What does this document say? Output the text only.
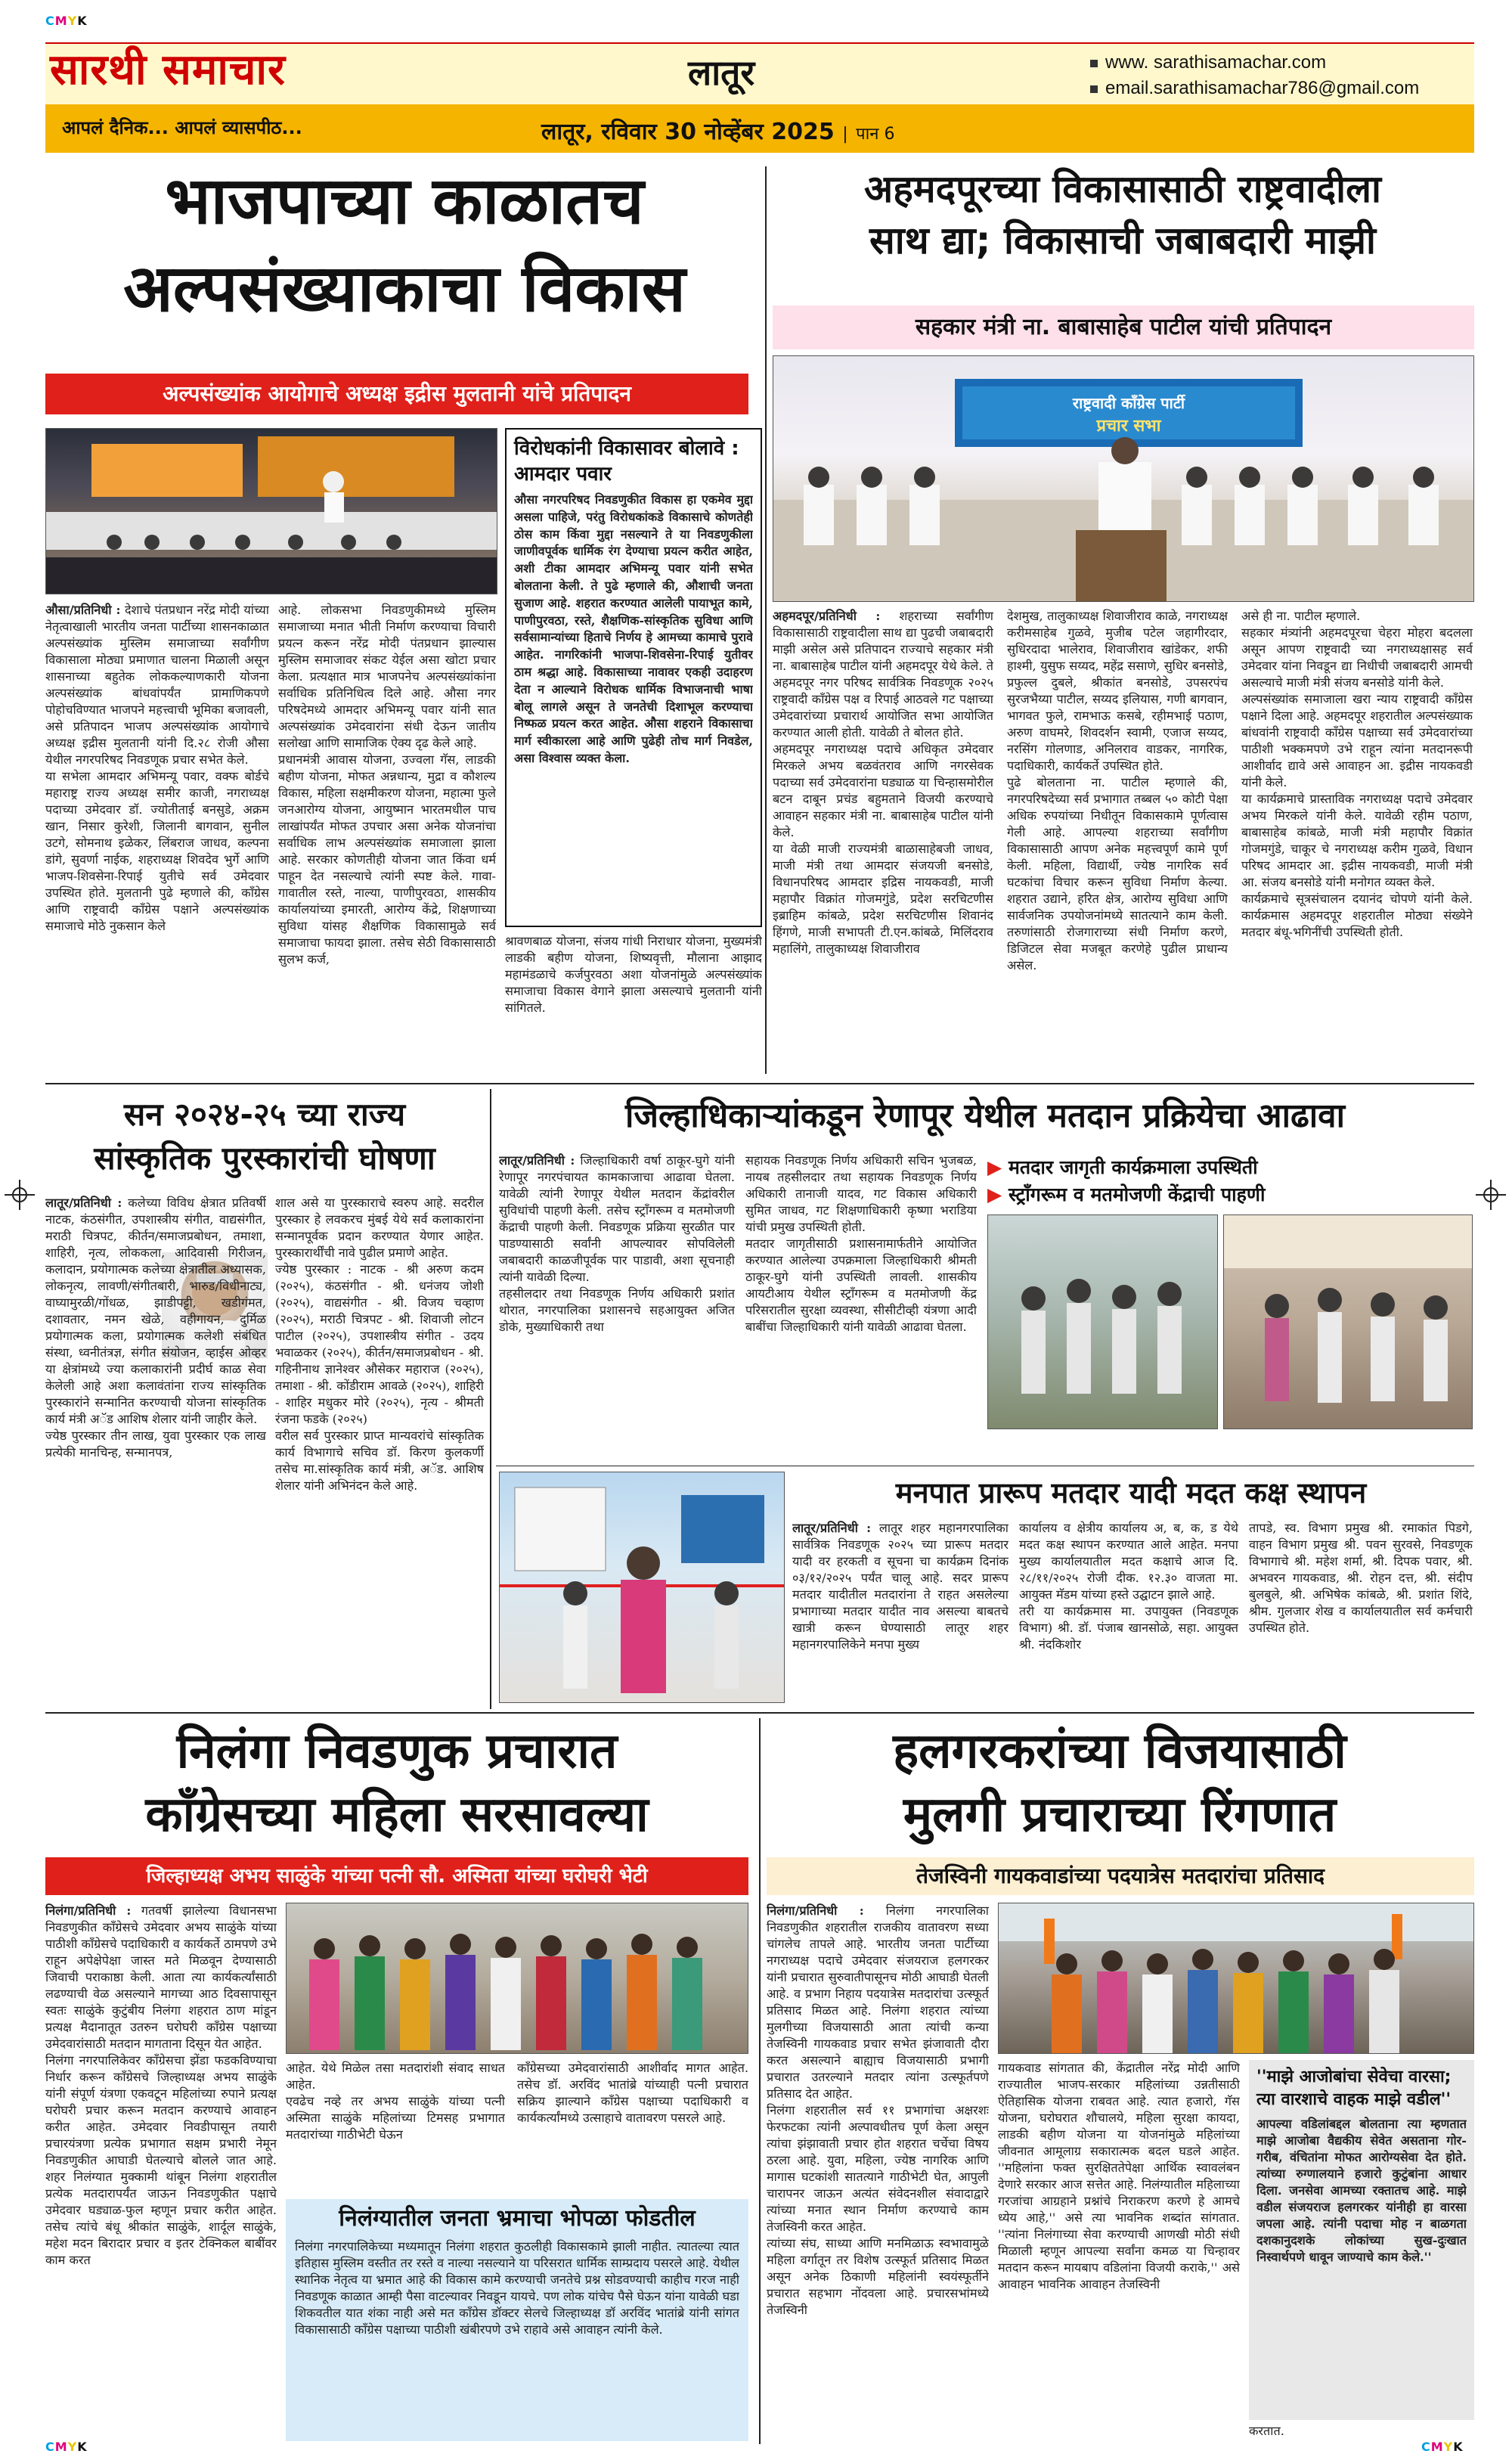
CMYK
सारथी समाचार	लातूर	www. sarathisamachar.com
email.sarathisamachar786@gmail.com
आपलं दैनिक... आपलं व्यासपीठ...	लातूर, रविवार 30 नोव्हेंबर 2025 | पान 6
भाजपाच्या काळातच
अल्पसंख्याकाचा विकास
अल्पसंख्यांक आयोगाचे अध्यक्ष इद्रीस मुलतानी यांचे प्रतिपादन
विरोधकांनी विकासावर बोलावे : आमदार पवार
औसा नगरपरिषद निवडणुकीत विकास हा एकमेव मुद्दा असला पाहिजे, परंतु विरोधकांकडे विकासाचे कोणतेही ठोस काम किंवा मुद्दा नसल्याने ते या निवडणुकीला जाणीवपूर्वक धार्मिक रंग देण्याचा प्रयत्न करीत आहेत, अशी टीका आमदार अभिमन्यू पवार यांनी सभेत बोलताना केली. ते पुढे म्हणाले की, औशाची जनता सुजाण आहे. शहरात करण्यात आलेली पायाभूत कामे, पाणीपुरवठा, रस्ते, शैक्षणिक-सांस्कृतिक सुविधा आणि सर्वसामान्यांच्या हिताचे निर्णय हे आमच्या कामाचे पुरावे आहेत. नागरिकांनी भाजपा-शिवसेना-रिपाई युतीवर ठाम श्रद्धा आहे. विकासाच्या नावावर एकही उदाहरण देता न आल्याने विरोधक धार्मिक विभाजनाची भाषा बोलू लागले असून ते जनतेची दिशाभूल करण्याचा निष्फळ प्रयत्न करत आहेत. औसा शहराने विकासाचा मार्ग स्वीकारला आहे आणि पुढेही तोच मार्ग निवडेल, असा विश्वास व्यक्त केला.
औसा/प्रतिनिधी : देशाचे पंतप्रधान नरेंद्र मोदी यांच्या नेतृत्वाखाली भारतीय जनता पार्टीच्या शासनकाळात अल्पसंख्यांक मुस्लिम समाजाच्या सर्वांगीण विकासाला मोठ्या प्रमाणात चालना मिळाली असून शासनाच्या बहुतेक लोककल्याणकारी योजना अल्पसंख्यांक बांधवांपर्यंत प्रामाणिकपणे पोहोचविण्यात भाजपने महत्त्वाची भूमिका बजावली, असे प्रतिपादन भाजप अल्पसंख्यांक आयोगाचे अध्यक्ष इद्रीस मुलतानी यांनी दि.२८ रोजी औसा येथील नगरपरिषद निवडणूक प्रचार सभेत केले.
या सभेला आमदार अभिमन्यू पवार, वक्फ बोर्डचे महाराष्ट्र राज्य अध्यक्ष समीर काजी, नगराध्यक्ष पदाच्या उमेदवार डॉ. ज्योतीताई बनसुडे, अक्रम खान, निसार कुरेशी, जिलानी बागवान, सुनील उटगे, सोमनाथ इळेकर, लिंबराज जाधव, कल्पना डांगे, सुवर्णा नाईक, शहराध्यक्ष शिवदेव भुर्गे आणि भाजप-शिवसेना-रिपाई युतीचे सर्व उमेदवार उपस्थित होते. मुलतानी पुढे म्हणाले की, काँग्रेस आणि राष्ट्रवादी काँग्रेस पक्षाने अल्पसंख्यांक समाजाचे मोठे नुकसान केले
आहे. लोकसभा निवडणुकीमध्ये मुस्लिम समाजाच्या मनात भीती निर्माण करण्याचा विचारी प्रयत्न करून नरेंद्र मोदी पंतप्रधान झाल्यास मुस्लिम समाजावर संकट येईल असा खोटा प्रचार केला. प्रत्यक्षात मात्र भाजपनेच अल्पसंख्यांकांना सर्वाधिक प्रतिनिधित्व दिले आहे. औसा नगर परिषदेमध्ये आमदार अभिमन्यू पवार यांनी सात अल्पसंख्यांक उमेदवारांना संधी देऊन जातीय सलोखा आणि सामाजिक ऐक्य दृढ केले आहे.
प्रधानमंत्री आवास योजना, उज्वला गॅस, लाडकी बहीण योजना, मोफत अन्नधान्य, मुद्रा व कौशल्य विकास, महिला सक्षमीकरण योजना, महात्मा फुले जनआरोग्य योजना, आयुष्मान भारतमधील पाच लाखांपर्यंत मोफत उपचार असा अनेक योजनांचा सर्वाधिक लाभ अल्पसंख्यांक समाजाला झाला आहे. सरकार कोणतीही योजना जात किंवा धर्म पाहून देत नसल्याचे त्यांनी स्पष्ट केले. गावा-गावातील रस्ते, नाल्या, पाणीपुरवठा, शासकीय कार्यालयांच्या इमारती, आरोग्य केंद्रे, शिक्षणाच्या सुविधा यांसह शैक्षणिक विकासामुळे सर्व समाजाचा फायदा झाला. तसेच सेठी विकासासाठी सुलभ कर्ज,
श्रावणबाळ योजना, संजय गांधी निराधार योजना, मुख्यमंत्री लाडकी बहीण योजना, शिष्यवृत्ती, मौलाना आझाद महामंडळाचे कर्जपुरवठा अशा योजनांमुळे अल्पसंख्यांक समाजाचा विकास वेगाने झाला असल्याचे मुलतानी यांनी सांगितले.
अहमदपूरच्या विकासासाठी राष्ट्रवादीला
साथ द्या; विकासाची जबाबदारी माझी
सहकार मंत्री ना. बाबासाहेब पाटील यांची प्रतिपादन
राष्ट्रवादी काँग्रेस पार्टी
प्रचार सभा
अहमदपूर/प्रतिनिधी : शहराच्या सर्वांगीण विकासासाठी राष्ट्रवादीला साथ द्या पुढची जबाबदारी माझी असेल असे प्रतिपादन राज्याचे सहकार मंत्री ना. बाबासाहेब पाटील यांनी अहमदपूर येथे केले. ते अहमदपूर नगर परिषद सार्वत्रिक निवडणूक २०२५ राष्ट्रवादी काँग्रेस पक्ष व रिपाई आठवले गट पक्षाच्या उमेदवारांच्या प्रचारार्थ आयोजित सभा आयोजित करण्यात आली होती. यावेळी ते बोलत होते.
अहमदपूर नगराध्यक्ष पदाचे अधिकृत उमेदवार मिरकले अभय बळवंतराव आणि नगरसेवक पदाच्या सर्व उमेदवारांना घड्याळ या चिन्हासमोरील बटन दाबून प्रचंड बहुमताने विजयी करण्याचे आवाहन सहकार मंत्री ना. बाबासाहेब पाटील यांनी केले.
या वेळी माजी राज्यमंत्री बाळासाहेबजी जाधव, माजी मंत्री तथा आमदार संजयजी बनसोडे, विधानपरिषद आमदार इद्रिस नायकवडी, माजी महापौर विक्रांत गोजमगुंडे, प्रदेश सरचिटणीस इब्राहिम कांबळे, प्रदेश सरचिटणीस शिवानंद हिंगणे, माजी सभापती टी.एन.कांबळे, मिलिंदराव महालिंगे, तालुकाध्यक्ष शिवाजीराव
देशमुख, तालुकाध्यक्ष शिवाजीराव काळे, नगराध्यक्ष करीमसाहेब गुळवे, मुजीब पटेल जहागीरदार, सुधिरदादा भालेराव, शिवाजीराव खांडेकर, शफी हाश्मी, युसुफ सय्यद, महेंद्र ससाणे, सुधिर बनसोडे, प्रफुल्ल दुबले, श्रीकांत बनसोडे, उपसरपंच सुरजभैय्या पाटील, सय्यद इलियास, गणी बागवान, भागवत फुले, रामभाऊ कसबे, रहीमभाई पठाण, अरुण वाघमरे, शिवदर्शन स्वामी, एजाज सय्यद, नरसिंग गोलणाड, अनिलराव वाडकर, नागरिक, पदाधिकारी, कार्यकर्ते उपस्थित होते.
पुढे बोलताना ना. पाटील म्हणाले की, नगरपरिषदेच्या सर्व प्रभागात तब्बल ५० कोटी पेक्षा अधिक रुपयांच्या निधीतून विकासकामे पूर्णत्वास गेली आहे. आपल्या शहराच्या सर्वांगीण विकासासाठी आपण अनेक महत्त्वपूर्ण कामे पूर्ण केली. महिला, विद्यार्थी, ज्येष्ठ नागरिक सर्व घटकांचा विचार करून सुविधा निर्माण केल्या. शहरात उद्याने, हरित क्षेत्र, आरोग्य सुविधा आणि सार्वजनिक उपयोजनांमध्ये सातत्याने काम केली. तरुणांसाठी रोजगाराच्या संधी निर्माण करणे, डिजिटल सेवा मजबूत करणेहे पुढील प्राधान्य असेल.
असे ही ना. पाटील म्हणाले.
सहकार मंत्र्यांनी अहमदपूरचा चेहरा मोहरा बदलला असून आपण राष्ट्रवादी च्या नगराध्यक्षासह सर्व उमेदवार यांना निवडून द्या निधीची जबाबदारी आमची असल्याचे माजी मंत्री संजय बनसोडे यांनी केले.
अल्पसंख्यांक समाजाला खरा न्याय राष्ट्रवादी काँग्रेस पक्षाने दिला आहे. अहमदपूर शहरातील अल्पसंख्याक बांधवांनी राष्ट्रवादी काँग्रेस पक्षाच्या सर्व उमेदवारांच्या पाठीशी भक्कमपणे उभे राहून त्यांना मतदानरूपी आशीर्वाद द्यावे असे आवाहन आ. इद्रीस नायकवडी यांनी केले.
या कार्यक्रमाचे प्रास्ताविक नगराध्यक्ष पदाचे उमेदवार अभय मिरकले यांनी केले. यावेळी रहीम पठाण, बाबासाहेब कांबळे, माजी मंत्री महापौर विक्रांत गोजमगुंडे, चाकूर चे नगराध्यक्ष करीम गुळवे, विधान परिषद आमदार आ. इद्रीस नायकवडी, माजी मंत्री आ. संजय बनसोडे यांनी मनोगत व्यक्त केले.
कार्यक्रमाचे सूत्रसंचालन दयानंद चोपणे यांनी केले. कार्यक्रमास अहमदपूर शहरातील मोठ्या संख्येने मतदार बंधू-भगिनींची उपस्थिती होती.
सन २०२४-२५ च्या राज्य
सांस्कृतिक पुरस्कारांची घोषणा
लातूर/प्रतिनिधी : कलेच्या विविध क्षेत्रात प्रतिवर्षी नाटक, कंठसंगीत, उपशास्त्रीय संगीत, वाद्यसंगीत, मराठी चित्रपट, कीर्तन/समाजप्रबोधन, तमाशा, शाहिरी, नृत्य, लोककला, आदिवासी गिरीजन, कलादान, प्रयोगात्मक कलेच्या क्षेत्रातील अध्यासक, लोकनृत्य, लावणी/संगीतबारी, भारुड/विधीनाट्य, वाघ्यामुरळी/गोंधळ, झाडीपट्टी, खडीगंमत, दशावतार, नमन खेळे, वहीगायन, दुर्मिळ प्रयोगात्मक कला, प्रयोगात्मक कलेशी संबंधित संस्था, ध्वनीतंत्रज्ञ, संगीत संयोजन, व्हाईस ओव्हर या क्षेत्रांमध्ये ज्या कलाकारांनी प्रदीर्घ काळ सेवा केलेली आहे अशा कलावंतांना राज्य सांस्कृतिक पुरस्कारांने सन्मानित करण्याची योजना सांस्कृतिक कार्य मंत्री अॅड आशिष शेलार यांनी जाहीर केले.
ज्येष्ठ पुरस्कार तीन लाख, युवा पुरस्कार एक लाख प्रत्येकी मानचिन्ह, सन्मानपत्र,
शाल असे या पुरस्काराचे स्वरुप आहे. सदरील पुरस्कार हे लवकरच मुंबई येथे सर्व कलाकारांना सन्मानपूर्वक प्रदान करण्यात येणार आहेत. पुरस्कारार्थींची नावे पुढील प्रमाणे आहेत.
ज्येष्ठ पुरस्कार : नाटक - श्री अरुण कदम (२०२५), कंठसंगीत - श्री. धनंजय जोशी (२०२५), वाद्यसंगीत - श्री. विजय चव्हाण (२०२५), मराठी चित्रपट - श्री. शिवाजी लोटन पाटील (२०२५), उपशास्त्रीय संगीत - उदय भवाळकर (२०२५), कीर्तन/समाजप्रबोधन - श्री. गहिनीनाथ ज्ञानेश्वर औसेकर महाराज (२०२५), तमाशा - श्री. कोंडीराम आवळे (२०२५), शाहिरी - शाहिर मधुकर मोरे (२०२५), नृत्य - श्रीमती रंजना फडके (२०२५)
वरील सर्व पुरस्कार प्राप्त मान्यवरांचे सांस्कृतिक कार्य विभागाचे सचिव डॉ. किरण कुलकर्णी तसेच मा.सांस्कृतिक कार्य मंत्री, अॅड. आशिष शेलार यांनी अभिनंदन केले आहे.
जिल्हाधिकाऱ्यांकडून रेणापूर येथील मतदान प्रक्रियेचा आढावा
लातूर/प्रतिनिधी : जिल्हाधिकारी वर्षा ठाकूर-घुगे यांनी रेणापूर नगरपंचायत कामकाजाचा आढावा घेतला. यावेळी त्यांनी रेणापूर येथील मतदान केंद्रांवरील सुविधांची पाहणी केली. तसेच स्ट्रॉंगरूम व मतमोजणी केंद्राची पाहणी केली. निवडणूक प्रक्रिया सुरळीत पार पाडण्यासाठी सर्वांनी आपल्यावर सोपविलेली जबाबदारी काळजीपूर्वक पार पाडावी, अशा सूचनाही त्यांनी यावेळी दिल्या.
तहसीलदार तथा निवडणूक निर्णय अधिकारी प्रशांत थोरात, नगरपालिका प्रशासनचे सहआयुक्त अजित डोके, मुख्याधिकारी तथा
सहायक निवडणूक निर्णय अधिकारी सचिन भुजबळ, नायब तहसीलदार तथा सहायक निवडणूक निर्णय अधिकारी तानाजी यादव, गट विकास अधिकारी सुमित जाधव, गट शिक्षणाधिकारी कृष्णा भराडिया यांची प्रमुख उपस्थिती होती.
मतदार जागृतीसाठी प्रशासनामार्फतीने आयोजित करण्यात आलेल्या उपक्रमाला जिल्हाधिकारी श्रीमती ठाकूर-घुगे यांनी उपस्थिती लावली. शासकीय आयटीआय येथील स्ट्रॉंगरूम व मतमोजणी केंद्र परिसरातील सुरक्षा व्यवस्था, सीसीटीव्ही यंत्रणा आदी बाबींचा जिल्हाधिकारी यांनी यावेळी आढावा घेतला.
▶ मतदार जागृती कार्यक्रमाला उपस्थिती
▶ स्ट्राँगरूम व मतमोजणी केंद्राची पाहणी
मनपात प्रारूप मतदार यादी मदत कक्ष स्थापन
लातूर/प्रतिनिधी : लातूर शहर महानगरपालिका सार्वत्रिक निवडणूक २०२५ च्या प्रारूप मतदार यादी वर हरकती व सूचना चा कार्यक्रम दिनांक ०३/१२/२०२५ पर्यंत चालू आहे. सदर प्रारूप मतदार यादीतील मतदारांना ते राहत असलेल्या प्रभागाच्या मतदार यादीत नाव असल्या बाबतचे खात्री करून घेण्यासाठी लातूर शहर महानगरपालिकेने मनपा मुख्य
कार्यालय व क्षेत्रीय कार्यालय अ, ब, क, ड येथे मदत कक्ष स्थापन करण्यात आले आहेत. मनपा मुख्य कार्यालयातील मदत कक्षाचे आज दि. २८/११/२०२५ रोजी दीक. १२.३० वाजता मा. आयुक्त मॅडम यांच्या हस्ते उद्घाटन झाले आहे.
तरी या कार्यक्रमास मा. उपायुक्त (निवडणूक विभाग) श्री. डॉ. पंजाब खानसोळे, सहा. आयुक्त श्री. नंदकिशोर
तापडे, स्व. विभाग प्रमुख श्री. रमाकांत पिडगे, वाहन विभाग प्रमुख श्री. पवन सुरवसे, निवडणूक विभागाचे श्री. महेश शर्मा, श्री. दिपक पवार, श्री. अभवरन गायकवाड, श्री. रोहन दत्त, श्री. संदीप बुलबुले, श्री. अभिषेक कांबळे, श्री. प्रशांत शिंदे, श्रीम. गुलजार शेख व कार्यालयातील सर्व कर्मचारी उपस्थित होते.
निलंगा निवडणुक प्रचारात
काँग्रेसच्या महिला सरसावल्या
जिल्हाध्यक्ष अभय साळुंके यांच्या पत्नी सौ. अस्मिता यांच्या घरोघरी भेटी
निलंगा/प्रतिनिधी : गतवर्षी झालेल्या विधानसभा निवडणुकीत काँग्रेसचे उमेदवार अभय साळुंके यांच्या पाठीशी काँग्रेसचे पदाधिकारी व कार्यकर्ते ठामपणे उभे राहून अपेक्षेपेक्षा जास्त मते मिळवून देण्यासाठी जिवाची पराकाष्ठा केली. आता त्या कार्यकर्त्यांसाठी लढण्याची वेळ असल्याने मागच्या आठ दिवसापासून स्वतः साळुंके कुटुंबीय निलंगा शहरात ठाण मांडून प्रत्यक्ष मैदानातूत उतरुन घरोघरी काँग्रेस पक्षाच्या उमेदवारांसाठी मतदान मागताना दिसून येत आहेत.
निलंगा नगरपालिकेवर काँग्रेसचा झेंडा फडकविण्याचा निर्धार करून काँग्रेसचे जिल्हाध्यक्ष अभय साळुंके यांनी संपूर्ण यंत्रणा एकवटून महिलांच्या रुपाने प्रत्यक्ष घरोघरी प्रचार करून मतदान करण्याचे आवाहन करीत आहेत. उमेदवार निवडीपासून तयारी प्रचारयंत्रणा प्रत्येक प्रभागात सक्षम प्रभारी नेमून निवडणुकीत आघाडी घेतल्याचे बोलले जात आहे. शहर निलंग्यात मुक्कामी थांबून निलंगा शहरातील प्रत्येक मतदारापर्यंत जाऊन निवडणुकीत पक्षाचे उमेदवार घड्याळ-फुल म्हणून प्रचार करीत आहेत. तसेच त्यांचे बंधू श्रीकांत साळुंके, शार्दूल साळुंके, महेश मदन बिरादार प्रचार व इतर टेक्निकल बाबींवर काम करत
आहेत. येथे मिळेल तसा मतदारांशी संवाद साधत आहेत.
एवढेच नव्हे तर अभय साळुंके यांच्या पत्नी अस्मिता साळुंके महिलांच्या टिमसह प्रभागात मतदारांच्या गाठीभेटी घेऊन
काँग्रेसच्या उमेदवारांसाठी आशीर्वाद मागत आहेत. तसेच डॉ. अरविंद भातांब्रे यांच्याही पत्नी प्रचारात सक्रिय झाल्याने काँग्रेस पक्षाच्या पदाधिकारी व कार्यकर्त्यांमध्ये उत्साहाचे वातावरण पसरले आहे.
निलंग्यातील जनता भ्रमाचा भोपळा फोडतील
निलंगा नगरपालिकेच्या मध्यमातून निलंगा शहरात कुठलीही विकासकामे झाली नाहीत. त्यातल्या त्यात इतिहास मुस्लिम वस्तीत तर रस्ते व नाल्या नसल्याने या परिसरात धार्मिक साम्प्रदाय पसरले आहे. येथील स्थानिक नेतृत्व या भ्रमात आहे की विकास कामे करण्याची जनतेचे प्रश्न सोडवण्याची काहीच गरज नाही निवडणूक काळात आम्ही पैसा वाटल्यावर निवडून यायचे. पण लोक यांचेच पैसे घेऊन यांना यावेळी घडा शिकवतील यात शंका नाही असे मत काँग्रेस डॉक्टर सेलचे जिल्हाध्यक्ष डॉ अरविंद भातांब्रे यांनी सांगत विकासासाठी काँग्रेस पक्षाच्या पाठीशी खंबीरपणे उभे राहावे असे आवाहन त्यांनी केले.
हलगरकरांच्या विजयासाठी
मुलगी प्रचाराच्या रिंगणात
तेजस्विनी गायकवाडांच्या पदयात्रेस मतदारांचा प्रतिसाद
निलंगा/प्रतिनिधी : निलंगा नगरपालिका निवडणुकीत शहरातील राजकीय वातावरण सध्या चांगलेच तापले आहे. भारतीय जनता पार्टीच्या नगराध्यक्ष पदाचे उमेदवार संजयराज हलगरकर यांनी प्रचारात सुरुवातीपासूनच मोठी आघाडी घेतली आहे. व प्रभाग निहाय पदयात्रेस मतदारांचा उत्स्फूर्त प्रतिसाद मिळत आहे. निलंगा शहरात त्यांच्या मुलगीच्या विजयासाठी आता त्यांची कन्या तेजस्विनी गायकवाड प्रचार सभेत झंजावाती दौरा करत असल्याने बाह्याच विजयासाठी प्रभागी प्रचारात उतरल्याने मतदार त्यांना उत्स्फूर्तपणे प्रतिसाद देत आहेत.
निलंगा शहरातील सर्व ११ प्रभागांचा अक्षरशः फेरफटका त्यांनी अल्पावधीतच पूर्ण केला असून त्यांचा झंझावाती प्रचार होत शहरात चर्चेचा विषय ठरला आहे. युवा, महिला, ज्येष्ठ नागरिक आणि मागास घटकांशी सातत्याने गाठीभेटी घेत, आपुली चारापनर जाऊन अत्यंत संवेदनशील संवादाद्वारे त्यांच्या मनात स्थान निर्माण करण्याचे काम तेजस्विनी करत आहेत.
त्यांच्या संघ, साध्या आणि मनमिळाऊ स्वभावामुळे महिला वर्गातून तर विशेष उत्स्फूर्त प्रतिसाद मिळत असून अनेक ठिकाणी महिलांनी स्वयंस्फूर्तीने प्रचारात सहभाग नोंदवला आहे. प्रचारसभांमध्ये तेजस्विनी
गायकवाड सांगतात की, केंद्रातील नरेंद्र मोदी आणि राज्यातील भाजप-सरकार महिलांच्या उन्नतीसाठी ऐतिहासिक योजना राबवत आहे. त्यात हजारो, गॅस योजना, घरोघरात शौचालये, महिला सुरक्षा कायदा, लाडकी बहीण योजना या योजनांमुळे महिलांच्या जीवनात आमूलाग्र सकारात्मक बदल घडले आहेत. ''महिलांना फक्त सुरक्षिततेपेक्षा आर्थिक स्वावलंबन देणारे सरकार आज सत्तेत आहे. निलंग्यातील महिलाच्या गरजांचा आग्रहाने प्रश्नांचे निराकरण करणे हे आमचे ध्येय आहे,'' असे त्या भावनिक शब्दांत सांगतात. ''त्यांना निलंगाच्या सेवा करण्याची आणखी मोठी संधी मिळाली म्हणून आपल्या सर्वांना कमळ या चिन्हावर मतदान करून मायबाप वडिलांना विजयी कराके,'' असे आवाहन भावनिक आवाहन तेजस्विनी
''माझे आजोबांचा सेवेचा वारसा; त्या वारशाचे वाहक माझे वडील''
आपल्या वडिलांबद्दल बोलताना त्या म्हणतात माझे आजोबा वैद्यकीय सेवेत असताना गोर-गरीब, वंचितांना मोफत आरोग्यसेवा देत होते. त्यांच्या रुग्णालयाने हजारो कुटुंबांना आधार दिला. जनसेवा आमच्या रक्तातच आहे. माझे वडील संजयराज हलगरकर यांनीही हा वारसा जपला आहे. त्यांनी पदाचा मोह न बाळगता दशकानुदशके लोकांच्या सुख-दुःखात निस्वार्थपणे धावून जाण्याचे काम केले.''
करतात.
CMYK	CMYK
